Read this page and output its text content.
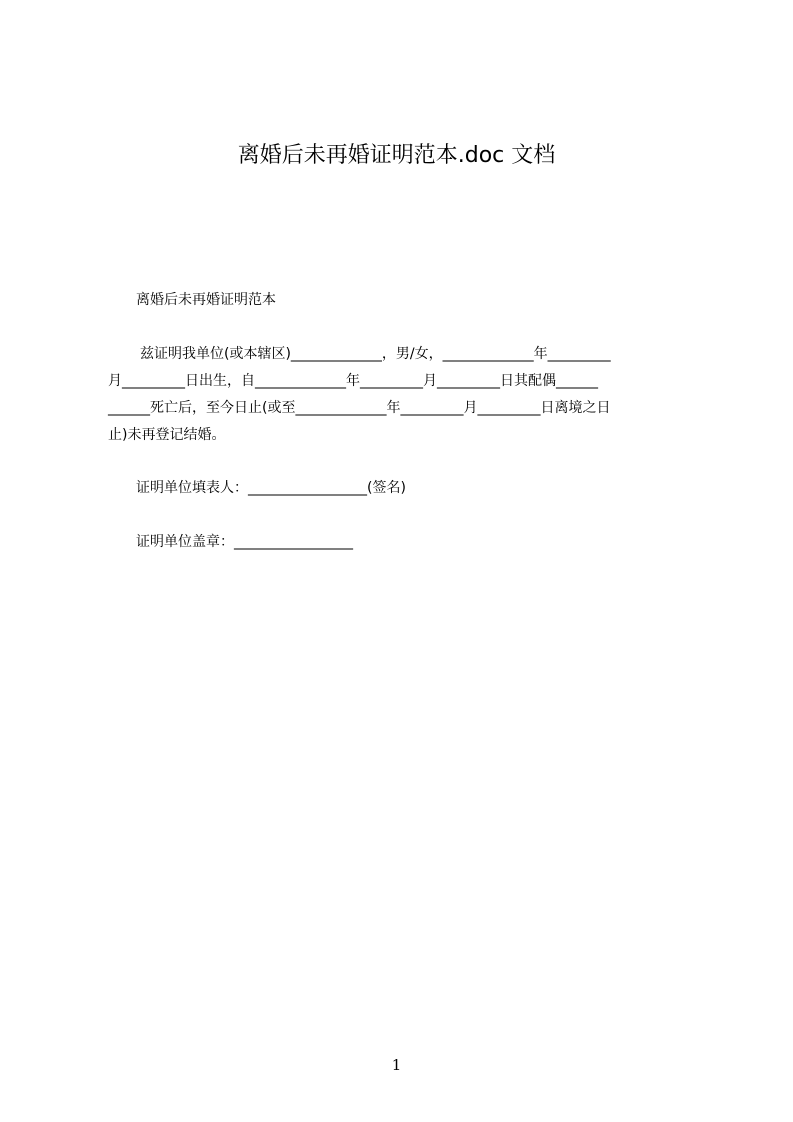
离婚后未再婚证明范本.doc 文档
离婚后未再婚证明范本
兹证明我单位(或本辖区)_____________，男/女，_____________年_________
月_________日出生，自_____________年_________月_________日其配偶______
______死亡后，至今日止(或至_____________年_________月_________日离境之日
止)未再登记结婚。
证明单位填表人：_________________(签名)
证明单位盖章：_________________
1
